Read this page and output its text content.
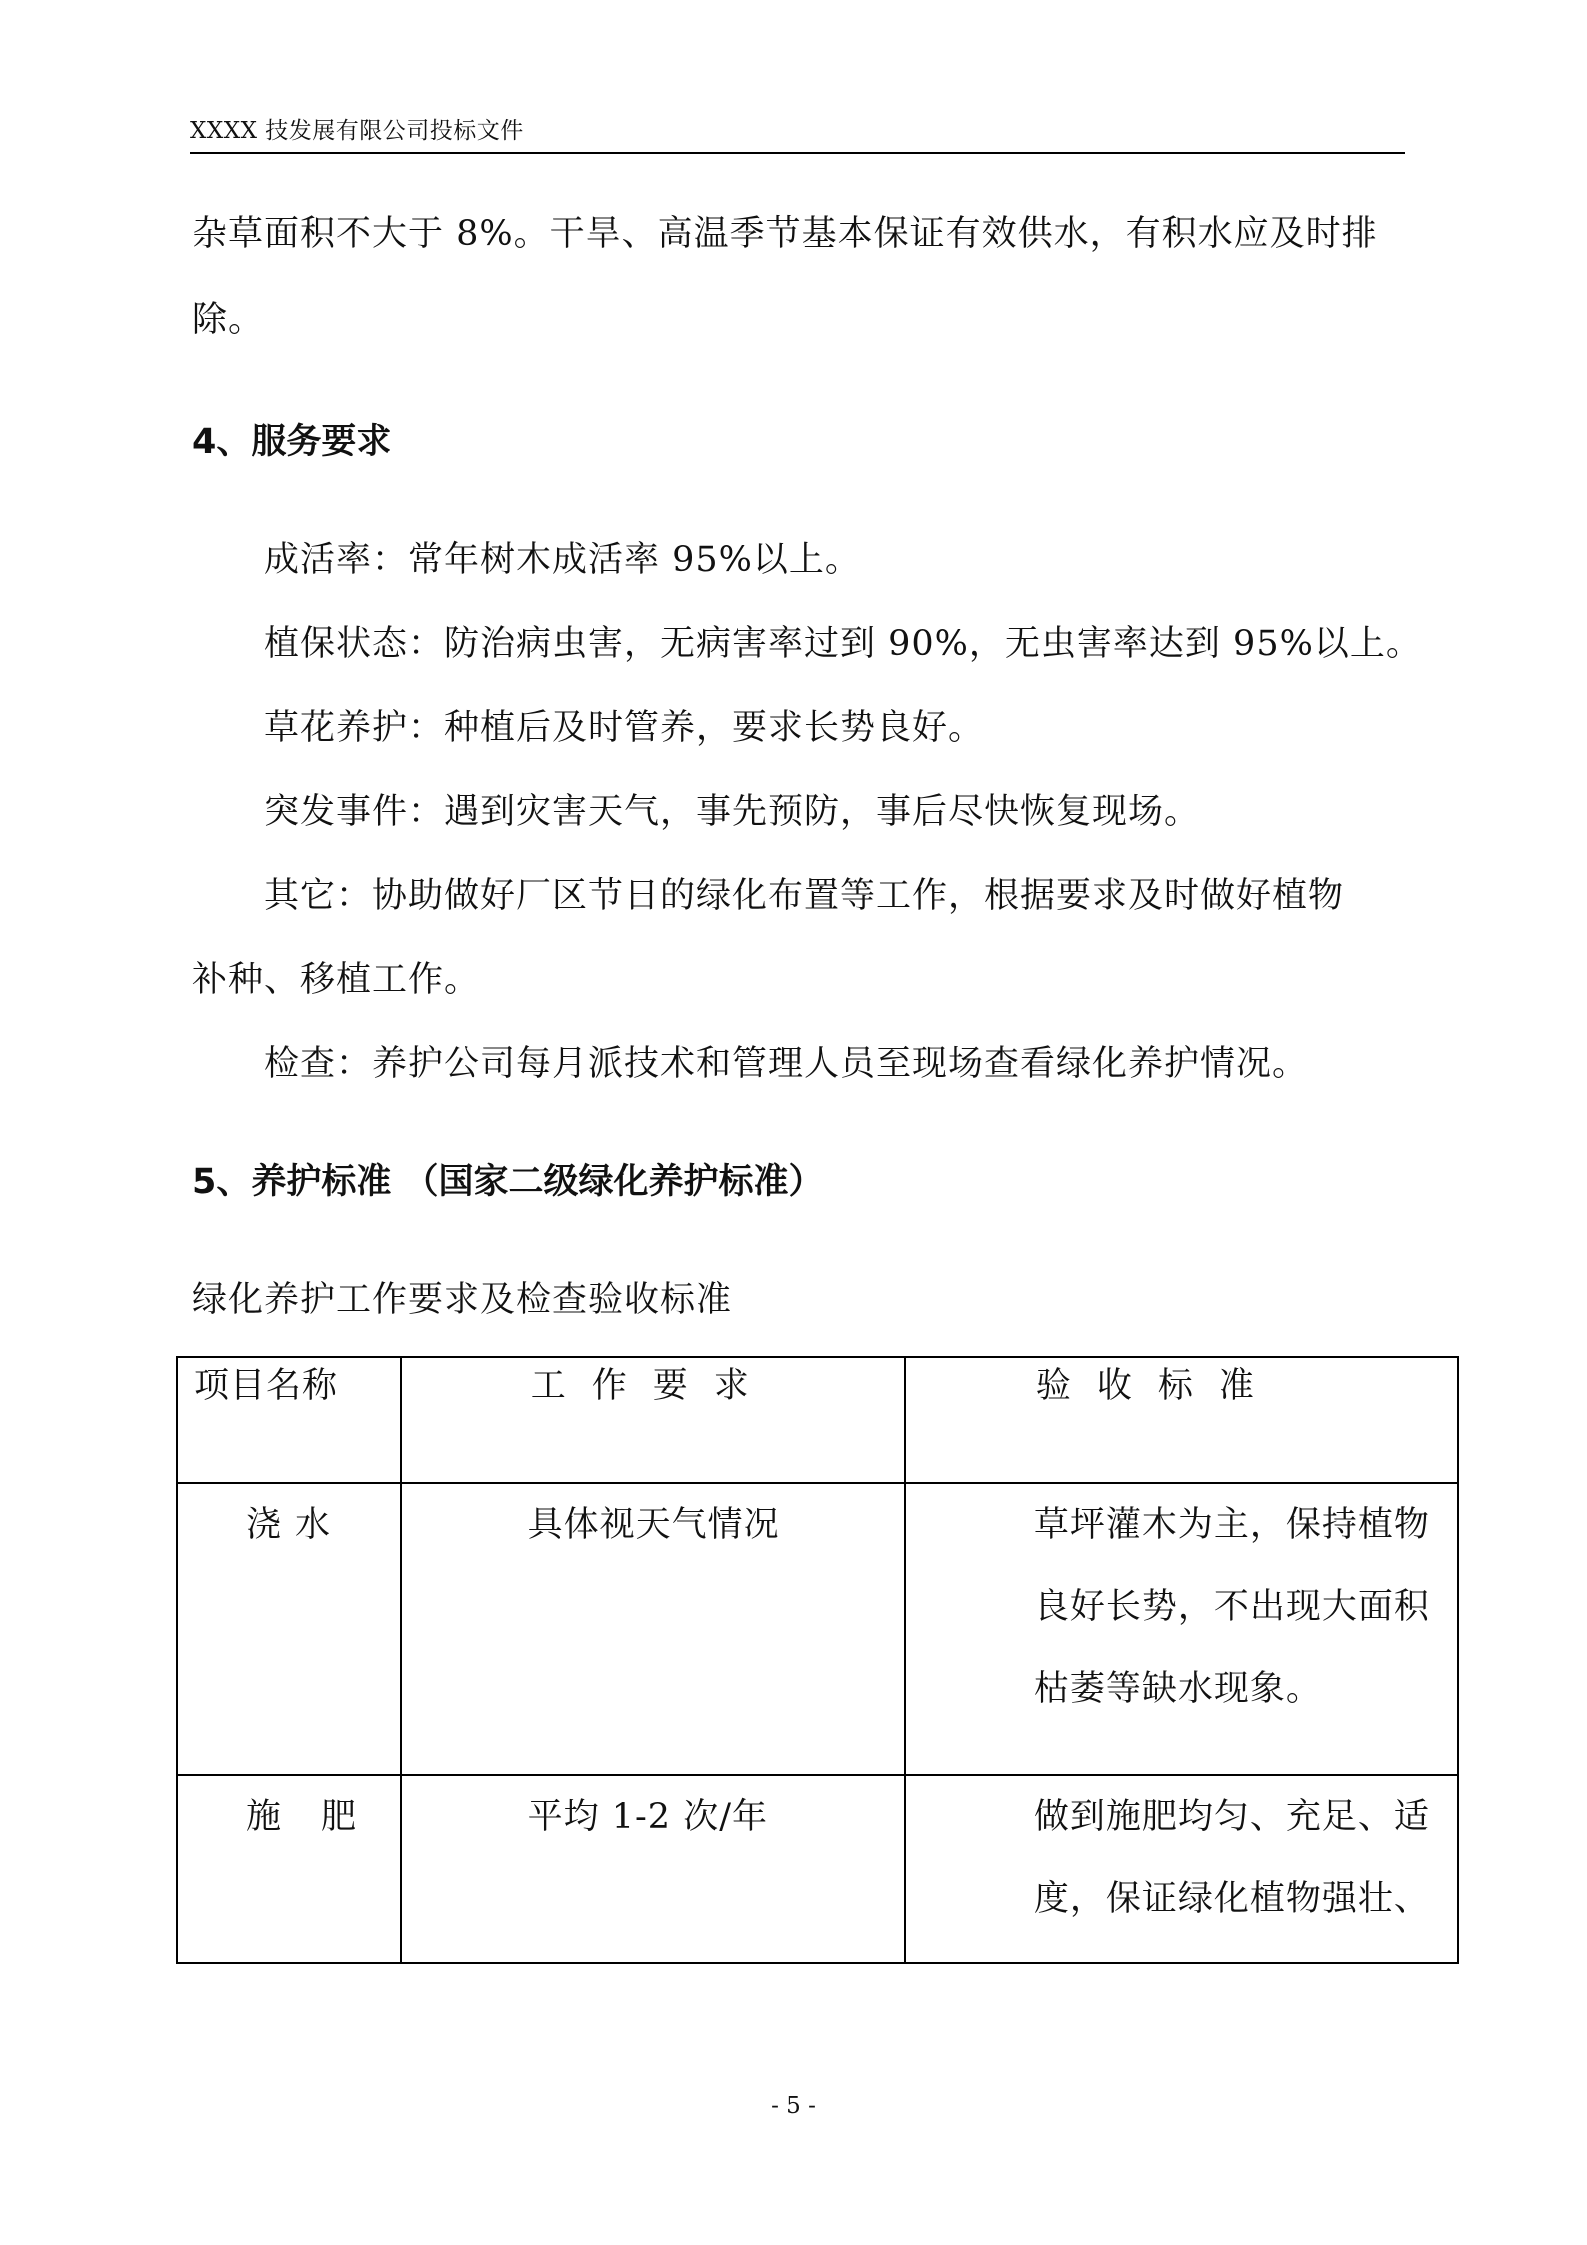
XXXX 技发展有限公司投标文件
杂草面积不大于 8%。干旱、高温季节基本保证有效供水，有积水应及时排
除。
4、服务要求
成活率：常年树木成活率 95%以上。
植保状态：防治病虫害，无病害率过到 90%，无虫害率达到 95%以上。
草花养护：种植后及时管养，要求长势良好。
突发事件：遇到灾害天气，事先预防，事后尽快恢复现场。
其它：协助做好厂区节日的绿化布置等工作，根据要求及时做好植物
补种、移植工作。
检查：养护公司每月派技术和管理人员至现场查看绿化养护情况。
5、养护标准 （国家二级绿化养护标准）
绿化养护工作要求及检查验收标准
项目名称	工作要求	验收标准

浇水	具体视天气情况	草坪灌木为主，保持植物
良好长势，不出现大面积
枯萎等缺水现象。

施肥	平均 1-2 次/年	做到施肥均匀、充足、适
度，保证绿化植物强壮、
- 5 -
